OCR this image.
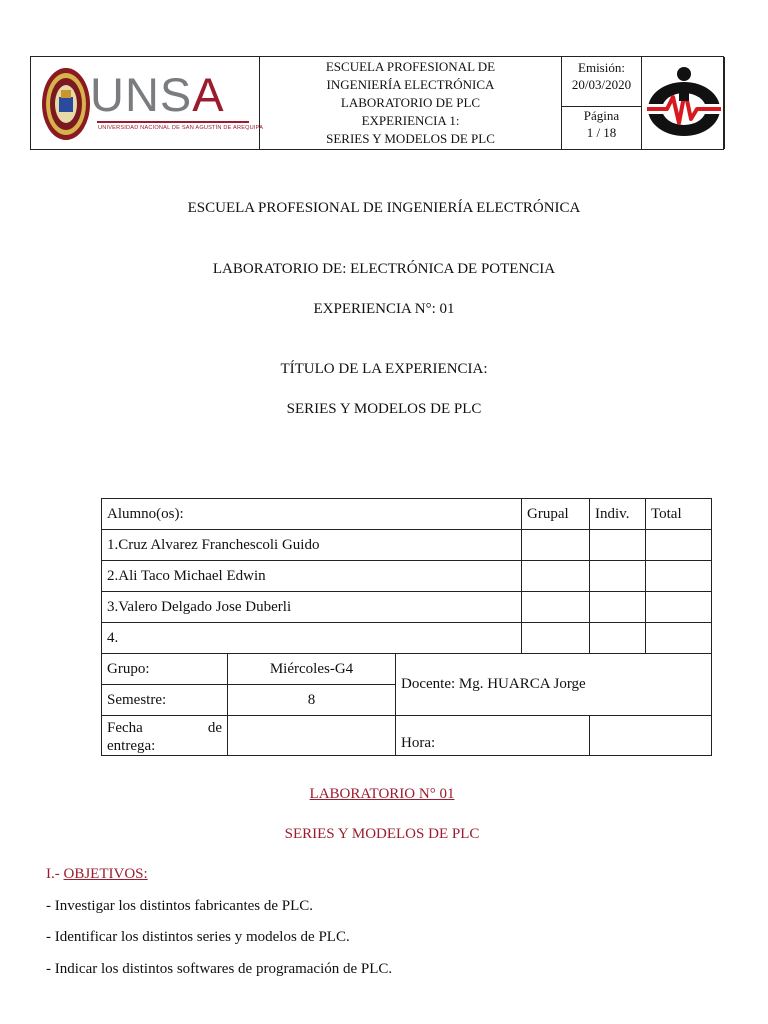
UNSA
UNIVERSIDAD NACIONAL DE SAN AGUSTÍN DE AREQUIPA
ESCUELA PROFESIONAL DE
INGENIERÍA ELECTRÓNICA
LABORATORIO DE PLC
EXPERIENCIA 1:
SERIES Y MODELOS DE PLC
Emisión:
20/03/2020
Página
1 / 18
ESCUELA PROFESIONAL DE INGENIERÍA ELECTRÓNICA
LABORATORIO DE: ELECTRÓNICA DE POTENCIA
EXPERIENCIA N°: 01
TÍTULO DE LA EXPERIENCIA:
SERIES Y MODELOS DE PLC
Alumno(os):			Grupal	Indiv.	Total
1.Cruz Alvarez Franchescoli Guido					
2.Ali Taco Michael Edwin					
3.Valero Delgado Jose Duberli					
4.					
Grupo:	Miércoles-G4	Docente: Mg. HUARCA Jorge			
Semestre:	8				

Fecha de
entrega:		Hora:			
LABORATORIO N° 01
SERIES Y MODELOS DE PLC
I.- OBJETIVOS:
- Investigar los distintos fabricantes de PLC.
- Identificar los distintos series y modelos de PLC.
- Indicar los distintos softwares de programación de PLC.
